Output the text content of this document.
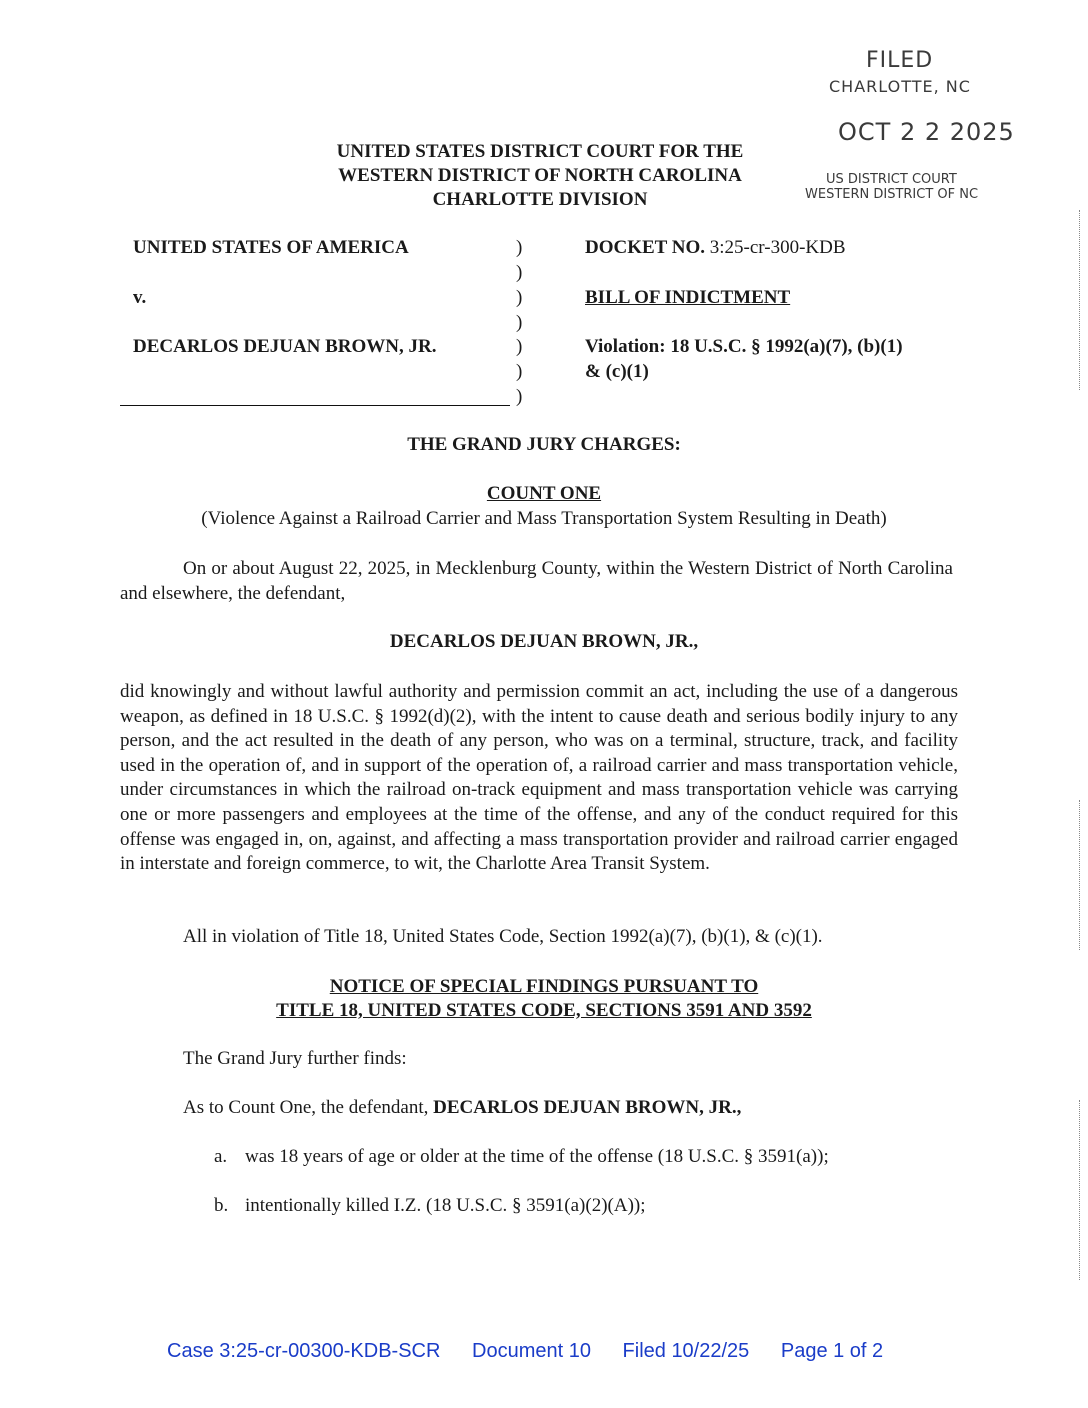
FILED
CHARLOTTE, NC
OCT 2 2 2025
US DISTRICT COURT
WESTERN DISTRICT OF NC
UNITED STATES DISTRICT COURT FOR THE
WESTERN DISTRICT OF NORTH CAROLINA
CHARLOTTE DIVISION
UNITED STATES OF AMERICA
v.
DECARLOS DEJUAN BROWN, JR.
)
)
)
)
)
)
)
DOCKET NO. 3:25-cr-300-KDB
BILL OF INDICTMENT
Violation: 18 U.S.C. § 1992(a)(7), (b)(1)
& (c)(1)
THE GRAND JURY CHARGES:
COUNT ONE
(Violence Against a Railroad Carrier and Mass Transportation System Resulting in Death)
On or about August 22, 2025, in Mecklenburg County, within the Western District of North Carolina and elsewhere, the defendant,
DECARLOS DEJUAN BROWN, JR.,
did knowingly and without lawful authority and permission commit an act, including the use of a dangerous weapon, as defined in 18 U.S.C. § 1992(d)(2), with the intent to cause death and serious bodily injury to any person, and the act resulted in the death of any person, who was on a terminal, structure, track, and facility used in the operation of, and in support of the operation of, a railroad carrier and mass transportation vehicle, under circumstances in which the railroad on-track equipment and mass transportation vehicle was carrying one or more passengers and employees at the time of the offense, and any of the conduct required for this offense was engaged in, on, against, and affecting a mass transportation provider and railroad carrier engaged in interstate and foreign commerce, to wit, the Charlotte Area Transit System.
All in violation of Title 18, United States Code, Section 1992(a)(7), (b)(1), & (c)(1).
NOTICE OF SPECIAL FINDINGS PURSUANT TO
TITLE 18, UNITED STATES CODE, SECTIONS 3591 AND 3592
The Grand Jury further finds:
As to Count One, the defendant, DECARLOS DEJUAN BROWN, JR.,
a. was 18 years of age or older at the time of the offense (18 U.S.C. § 3591(a));
b. intentionally killed I.Z. (18 U.S.C. § 3591(a)(2)(A));
Case 3:25-cr-00300-KDB-SCR Document 10 Filed 10/22/25 Page 1 of 2
